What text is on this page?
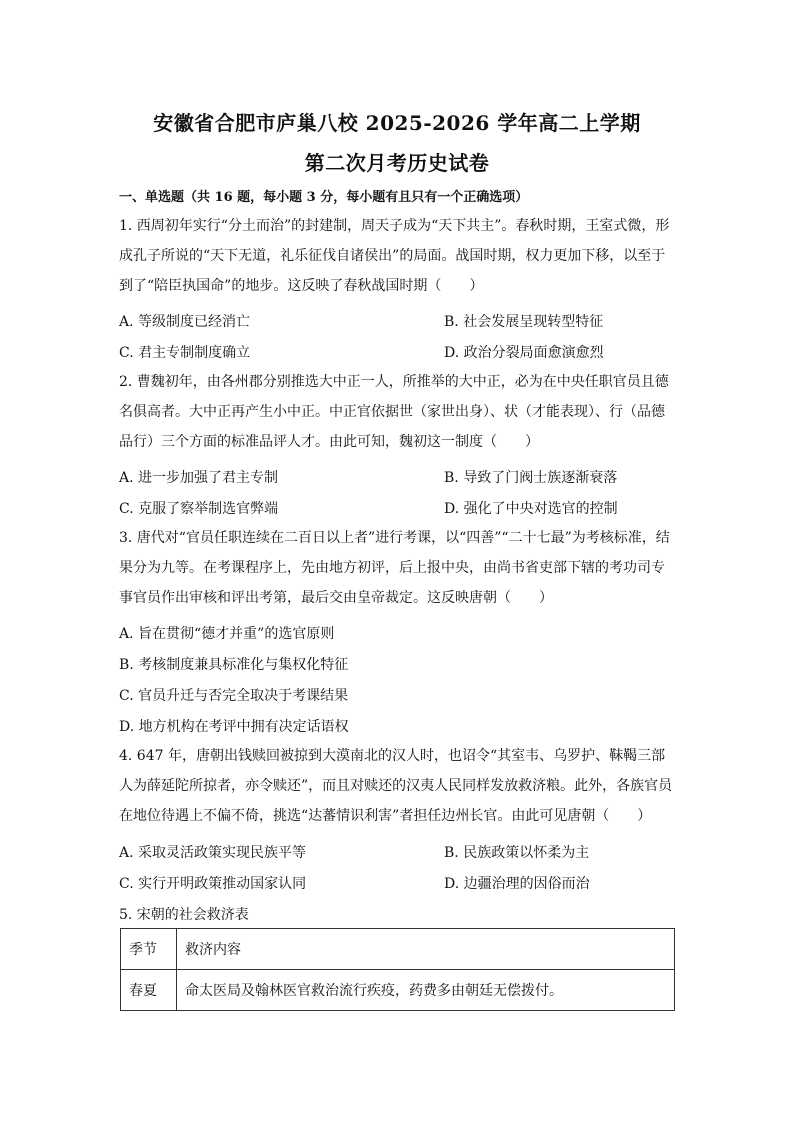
安徽省合肥市庐巢八校 2025-2026 学年高二上学期
第二次月考历史试卷
一、单选题（共 16 题，每小题 3 分，每小题有且只有一个正确选项）

1. 西周初年实行“分土而治”的封建制，周天子成为“天下共主”。春秋时期，王室式微，形成孔子所说的“天下无道，礼乐征伐自诸侯出”的局面。战国时期，权力更加下移，以至于到了“陪臣执国命”的地步。这反映了春秋战国时期（　　）

A. 等级制度已经消亡	B. 社会发展呈现转型特征
C. 君主专制制度确立	D. 政治分裂局面愈演愈烈

2. 曹魏初年，由各州郡分别推选大中正一人，所推举的大中正，必为在中央任职官员且德名俱高者。大中正再产生小中正。中正官依据世（家世出身）、状（才能表现）、行（品德品行）三个方面的标准品评人才。由此可知，魏初这一制度（　　）

A. 进一步加强了君主专制	B. 导致了门阀士族逐渐衰落
C. 克服了察举制选官弊端	D. 强化了中央对选官的控制

3. 唐代对“官员任职连续在二百日以上者”进行考课，以“四善”“二十七最”为考核标准，结果分为九等。在考课程序上，先由地方初评，后上报中央，由尚书省吏部下辖的考功司专事官员作出审核和评出考第，最后交由皇帝裁定。这反映唐朝（　　）

A. 旨在贯彻“德才并重”的选官原则
B. 考核制度兼具标准化与集权化特征
C. 官员升迁与否完全取决于考课结果
D. 地方机构在考评中拥有决定话语权

4. 647 年，唐朝出钱赎回被掠到大漠南北的汉人时，也诏令“其室韦、乌罗护、靺鞨三部人为薛延陀所掠者，亦令赎还”，而且对赎还的汉夷人民同样发放救济粮。此外，各族官员在地位待遇上不偏不倚，挑选“达蕃情识利害”者担任边州长官。由此可见唐朝（　　）

A. 采取灵活政策实现民族平等	B. 民族政策以怀柔为主
C. 实行开明政策推动国家认同	D. 边疆治理的因俗而治
5. 宋朝的社会救济表
季节	救济内容
春夏	命太医局及翰林医官救治流行疾疫，药费多由朝廷无偿拨付。
